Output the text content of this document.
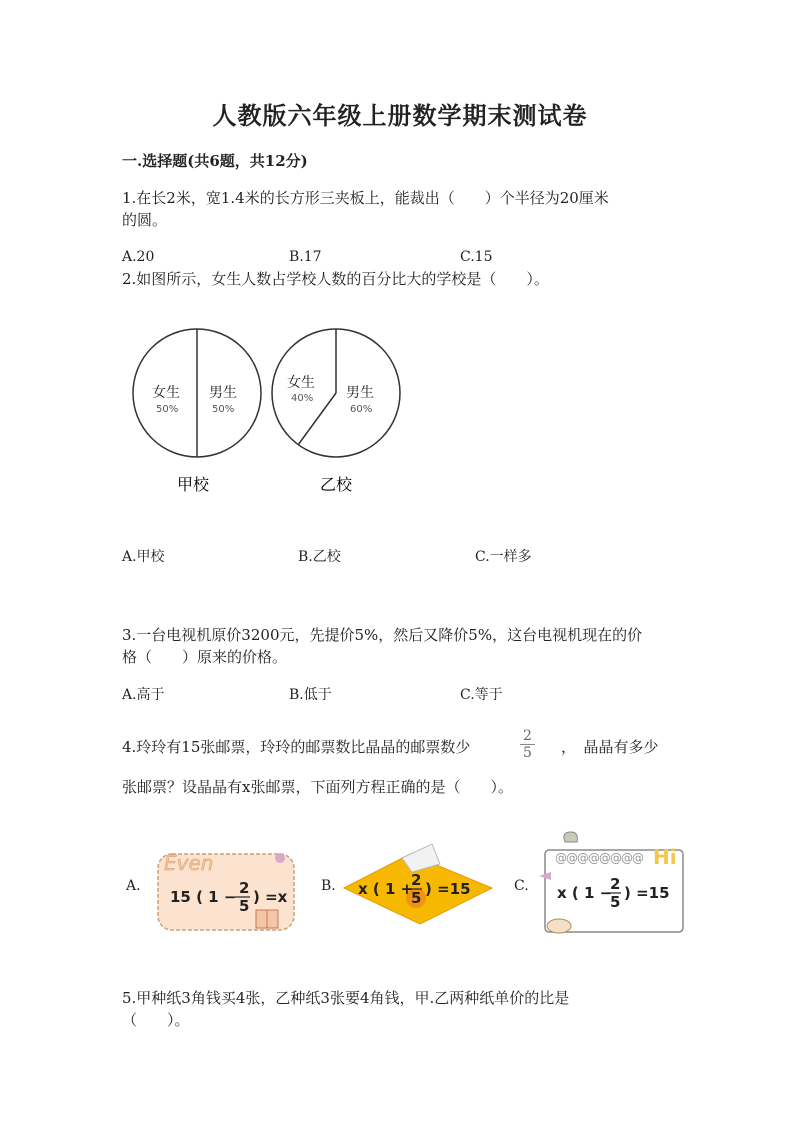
人教版六年级上册数学期末测试卷
一.选择题(共6题，共12分)
1.在长2米，宽1.4米的长方形三夹板上，能裁出（　　）个半径为20厘米
的圆。
A.20	B.17	C.15
2.如图所示，女生人数占学校人数的百分比大的学校是（　　）。
女生
50%
男生
50%
甲校
女生
40% 男生
60%
乙校
A.甲校	B.乙校	C.一样多
3.一台电视机原价3200元，先提价5%，然后又降价5%，这台电视机现在的价
格（　　）原来的价格。
A.高于	B.低于	C.等于
4.玲玲有15张邮票，玲玲的邮票数比晶晶的邮票数少	$\frac{2}{5}$ ，　晶晶有多少
张邮票？设晶晶有x张邮票，下面列方程正确的是（　　）。
A.
Even
15 ( 1 − 2
5 ) =x
B. x ( 1 +
2
5 ) =15	C.
@@@@@@@@ Hi
x ( 1 −
2
5 ) =15
5.甲种纸3角钱买4张，乙种纸3张要4角钱，甲.乙两种纸单价的比是
（　　）。
